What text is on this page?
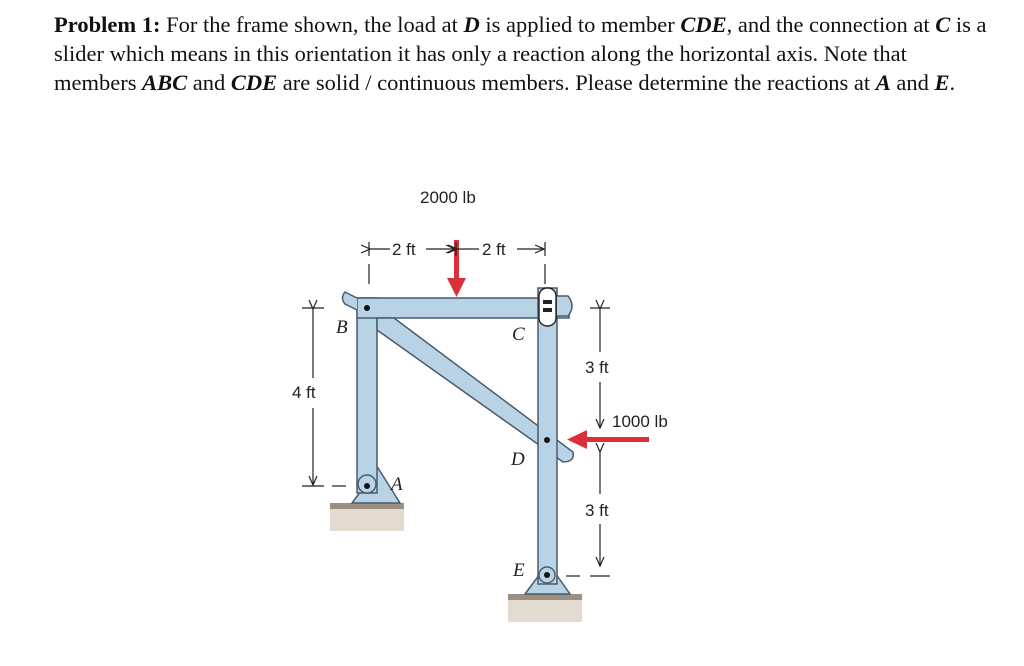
Problem 1: For the frame shown, the load at D is applied to member CDE, and the connection at C is a slider which means in this orientation it has only a reaction along the horizontal axis. Note that members ABC and CDE are solid / continuous members. Please determine the reactions at A and E.
2000 lb
2 ft	2 ft
4 ft
3 ft
3 ft
1000 lb
B	C
D
A
E
